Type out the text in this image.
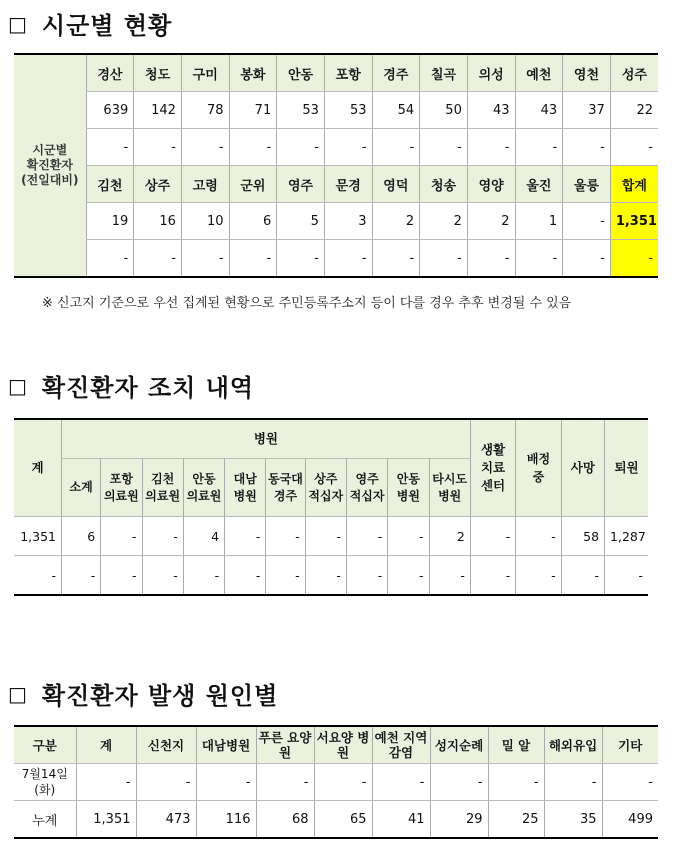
□ 시군별 현황
시군별
확진환자
(전일대비)	경산	청도	구미	봉화	안동	포항	경주	칠곡	의성	예천	영천	성주
	639	142	78	71	53	53	54	50	43	43	37	22
	-	-	-	-	-	-	-	-	-	-	-	-
	김천	상주	고령	군위	영주	문경	영덕	청송	영양	울진	울릉	합계
	19	16	10	6	5	3	2	2	2	1	-	1,351
	-	-	-	-	-	-	-	-	-	-	-	-
※ 신고지 기준으로 우선 집계된 현황으로 주민등록주소지 등이 다를 경우 추후 변경될 수 있음
□ 확진환자 조치 내역
계	병원										생활 치료 센터	배정 중	사망	퇴원
	소계	포항 의료원	김천 의료원	안동 의료원	대남 병원	동국대 경주	상주 적십자	영주 적십자	안동 병원	타시도 병원				
1,351	6	-	-	4	-	-	-	-	-	2	-	-	58	1,287
-	-	-	-	-	-	-	-	-	-	-	-	-	-	-
□ 확진환자 발생 원인별
구분	계	신천지	대남병원	푸른 요양원	서요양 병원	예천 지역감염	성지순례	밀 알	해외유입	기타
7월14일 (화)	-	-	-	-	-	-	-	-	-	-
누계	1,351	473	116	68	65	41	29	25	35	499
